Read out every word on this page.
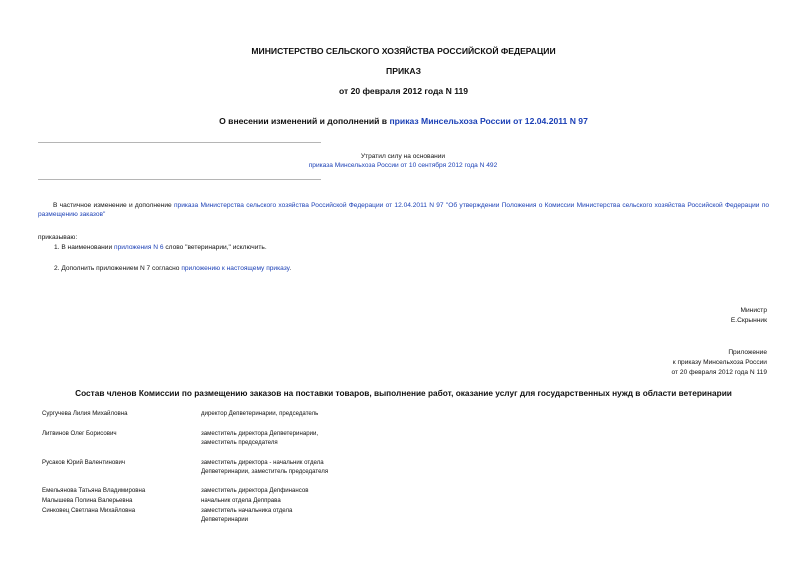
МИНИСТЕРСТВО СЕЛЬСКОГО ХОЗЯЙСТВА РОССИЙСКОЙ ФЕДЕРАЦИИ
ПРИКАЗ
от 20 февраля 2012 года N 119
О внесении изменений и дополнений в приказ Минсельхоза России от 12.04.2011 N 97
Утратил силу на основании
приказа Минсельхоза России от 10 сентября 2012 года N 492
В частичное изменение и дополнение приказа Министерства сельского хозяйства Российской Федерации от 12.04.2011 N 97 "Об утверждении Положения о Комиссии Министерства сельского хозяйства Российской Федерации по размещению заказов"
приказываю:
1. В наименовании приложения N 6 слово "ветеринарии," исключить.
2. Дополнить приложением N 7 согласно приложению к настоящему приказу.
Министр
Е.Скрынник
Приложение
к приказу Минсельхоза России
от 20 февраля 2012 года N 119
Состав членов Комиссии по размещению заказов на поставки товаров, выполнение работ, оказание услуг для государственных нужд в области ветеринарии
Сургучева Лилия Михайловна	директор Депветеринарии, председатель
Литвинов Олег Борисович	заместитель директора Депветеринарии, заместитель председателя
Русаков Юрий Валентинович	заместитель директора - начальник отдела Депветеринарии, заместитель председателя
Емельянова Татьяна Владимировна	заместитель директора Депфинансов
Малышева Полина Валерьевна	начальник отдела Депправа
Синковец Светлана Михайловна	заместитель начальника отдела Депветеринарии
